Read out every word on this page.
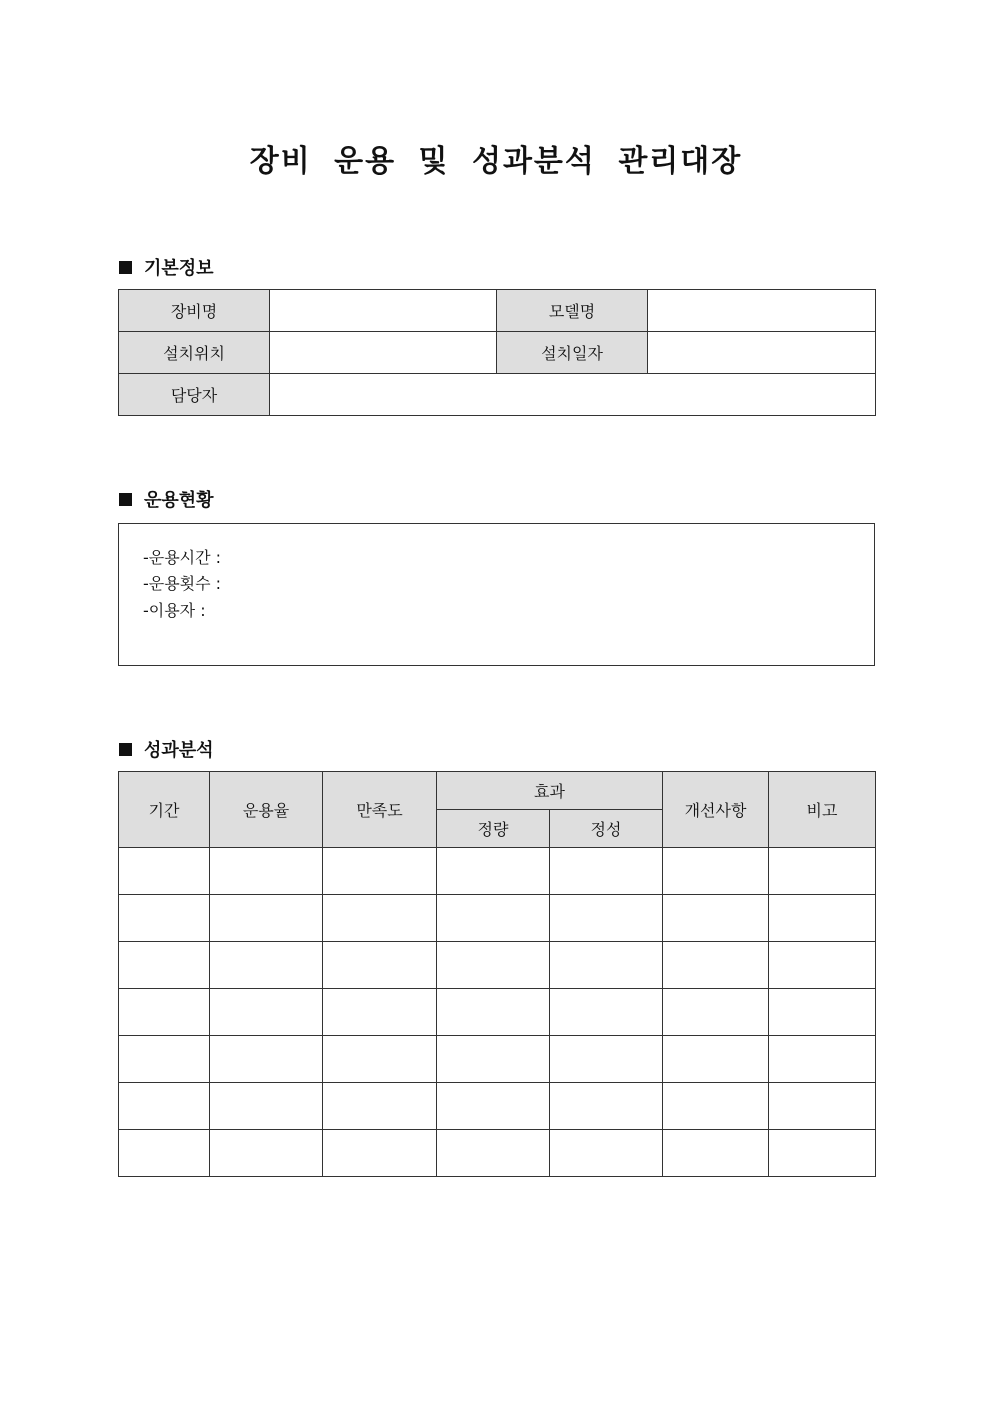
장비 운용 및 성과분석 관리대장
기본정보
장비명		모델명	
설치위치		설치일자	
담당자			
운용현황
-운용시간 :
-운용횟수 :
-이용자 :
성과분석
기간	운용율	만족도	효과		개선사항	비고
			정량	정성		
